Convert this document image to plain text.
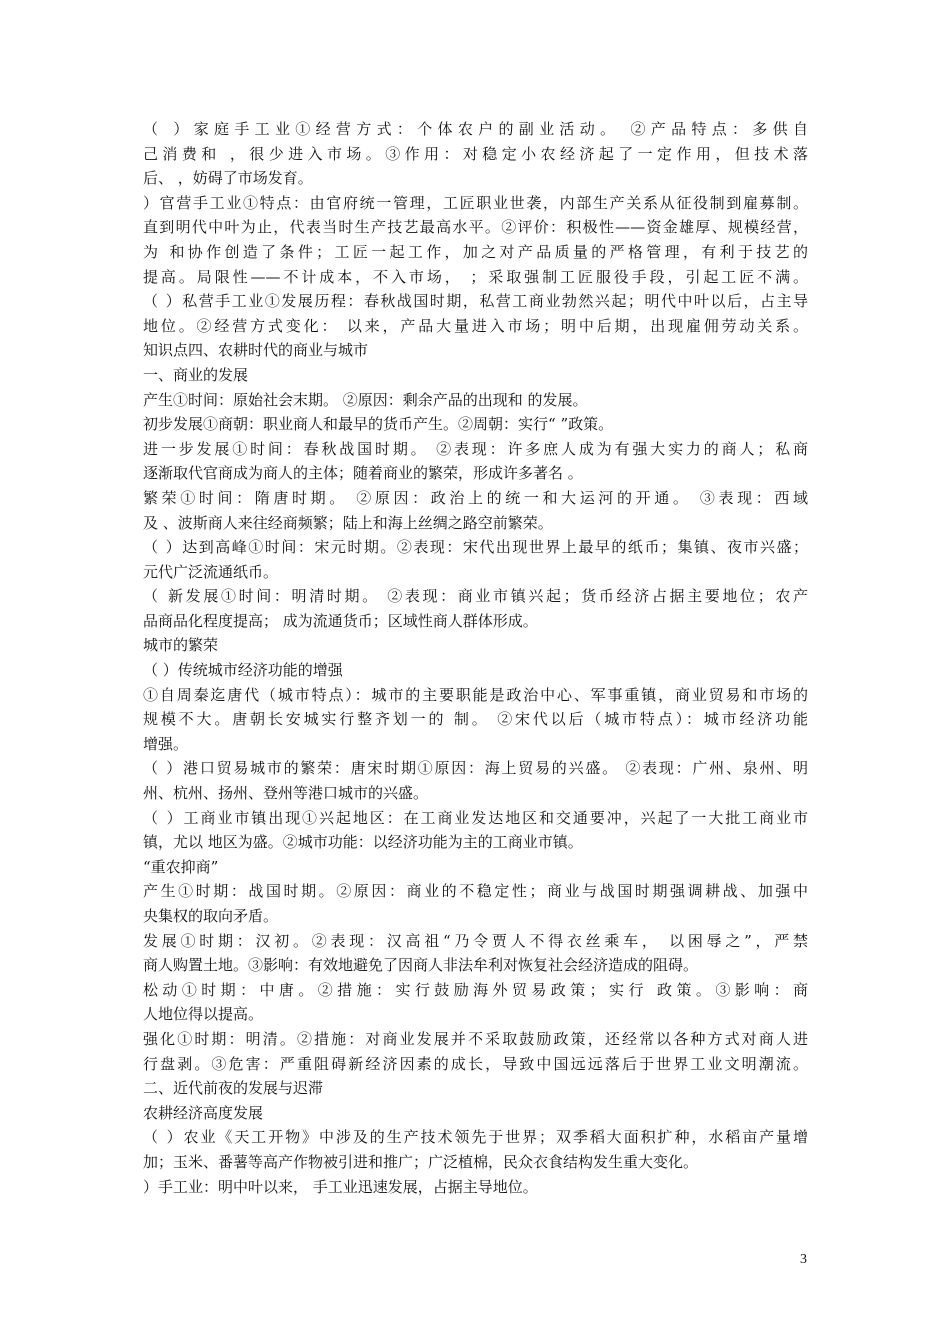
（ ）家庭手工业①经营方式：个体农户的副业活动。 ②产品特点：多供自
己消费和 ，很少进入市场。③作用：对稳定小农经济起了一定作用，但技术落
后、 ，妨碍了市场发育。
）官营手工业①特点：由官府统一管理，工匠职业世袭，内部生产关系从征役制到雇募制。
直到明代中叶为止，代表当时生产技艺最高水平。②评价：积极性——资金雄厚、规模经营，
为 和协作创造了条件；工匠一起工作，加之对产品质量的严格管理，有利于技艺的
提高。局限性——不计成本，不入市场， ；采取强制工匠服役手段，引起工匠不满。
（ ）私营手工业①发展历程：春秋战国时期，私营工商业勃然兴起；明代中叶以后，占主导
地位。②经营方式变化： 以来，产品大量进入市场；明中后期，出现雇佣劳动关系。
知识点四、农耕时代的商业与城市
一、商业的发展
产生①时间：原始社会末期。 ②原因：剩余产品的出现和 的发展。
初步发展①商朝：职业商人和最早的货币产生。②周朝：实行“ ”政策。
进一步发展①时间：春秋战国时期。 ②表现：许多庶人成为有强大实力的商人；私商
逐渐取代官商成为商人的主体；随着商业的繁荣，形成许多著名 。
繁荣①时间：隋唐时期。 ②原因：政治上的统一和大运河的开通。 ③表现：西域
及 、波斯商人来往经商频繁；陆上和海上丝绸之路空前繁荣。
（ ）达到高峰①时间：宋元时期。②表现：宋代出现世界上最早的纸币；集镇、夜市兴盛；
元代广泛流通纸币。
（ 新发展①时间：明清时期。 ②表现：商业市镇兴起；货币经济占据主要地位；农产
品商品化程度提高； 成为流通货币；区域性商人群体形成。
城市的繁荣
（ ）传统城市经济功能的增强
①自周秦迄唐代（城市特点）：城市的主要职能是政治中心、军事重镇，商业贸易和市场的
规模不大。唐朝长安城实行整齐划一的 制。 ②宋代以后（城市特点）：城市经济功能
增强。
（ ）港口贸易城市的繁荣：唐宋时期①原因：海上贸易的兴盛。 ②表现：广州、泉州、明
州、杭州、扬州、登州等港口城市的兴盛。
（ ）工商业市镇出现①兴起地区：在工商业发达地区和交通要冲，兴起了一大批工商业市
镇，尤以 地区为盛。②城市功能：以经济功能为主的工商业市镇。
“重农抑商”
产生①时期：战国时期。②原因：商业的不稳定性；商业与战国时期强调耕战、加强中
央集权的取向矛盾。
发展①时期：汉初。②表现：汉高祖“乃令贾人不得衣丝乘车， 以困辱之”，严禁
商人购置土地。③影响：有效地避免了因商人非法牟利对恢复社会经济造成的阻碍。
松动①时期：中唐。②措施：实行鼓励海外贸易政策；实行 政策。③影响：商
人地位得以提高。
强化①时期：明清。②措施：对商业发展并不采取鼓励政策，还经常以各种方式对商人进
行盘剥。③危害：严重阻碍新经济因素的成长，导致中国远远落后于世界工业文明潮流。
二、近代前夜的发展与迟滞
农耕经济高度发展
（ ）农业《天工开物》中涉及的生产技术领先于世界；双季稻大面积扩种，水稻亩产量增
加；玉米、番薯等高产作物被引进和推广；广泛植棉，民众衣食结构发生重大变化。
）手工业：明中叶以来， 手工业迅速发展，占据主导地位。
3
